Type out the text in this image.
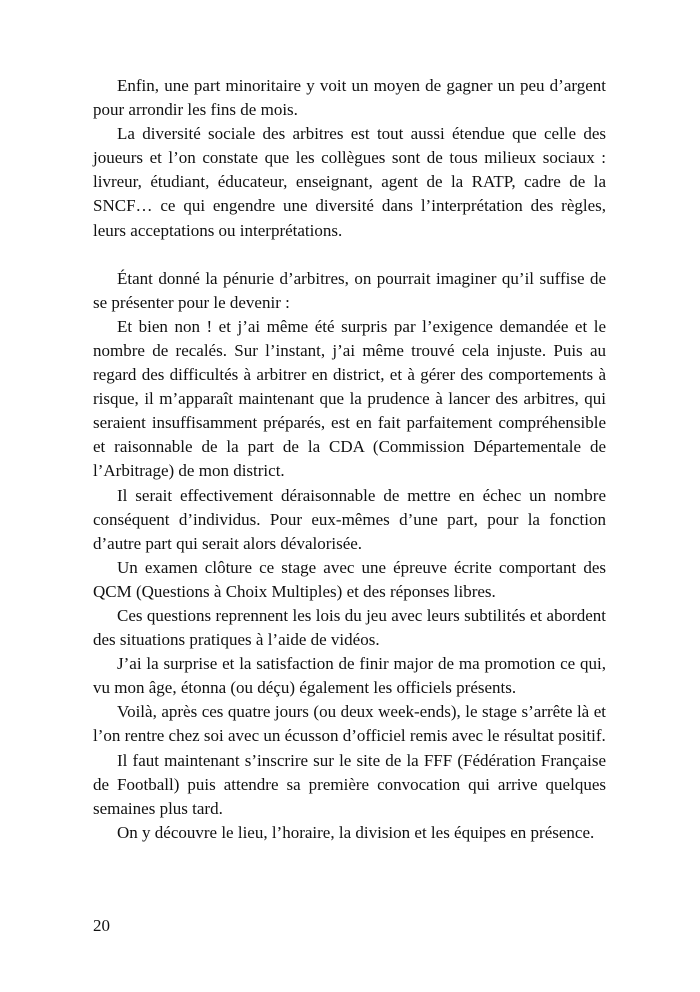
Enfin, une part minoritaire y voit un moyen de gagner un peu d’argent pour arrondir les fins de mois.

La diversité sociale des arbitres est tout aussi étendue que celle des joueurs et l’on constate que les collègues sont de tous milieux sociaux : livreur, étudiant, éducateur, enseignant, agent de la RATP, cadre de la SNCF… ce qui engendre une diversité dans l’interprétation des règles, leurs acceptations ou interprétations.

Étant donné la pénurie d’arbitres, on pourrait imaginer qu’il suffise de se présenter pour le devenir :

Et bien non ! et j’ai même été surpris par l’exigence demandée et le nombre de recalés. Sur l’instant, j’ai même trouvé cela injuste. Puis au regard des difficultés à arbitrer en district, et à gérer des comportements à risque, il m’apparaît maintenant que la prudence à lancer des arbitres, qui seraient insuffisamment préparés, est en fait parfaitement compréhensible et raisonnable de la part de la CDA (Commission Départementale de l’Arbitrage) de mon district.

Il serait effectivement déraisonnable de mettre en échec un nombre conséquent d’individus. Pour eux-mêmes d’une part, pour la fonction d’autre part qui serait alors dévalorisée.

Un examen clôture ce stage avec une épreuve écrite comportant des QCM (Questions à Choix Multiples) et des réponses libres.

Ces questions reprennent les lois du jeu avec leurs subtilités et abordent des situations pratiques à l’aide de vidéos.

J’ai la surprise et la satisfaction de finir major de ma promotion ce qui, vu mon âge, étonna (ou déçu) également les officiels présents.

Voilà, après ces quatre jours (ou deux week-ends), le stage s’arrête là et l’on rentre chez soi avec un écusson d’officiel remis avec le résultat positif.

Il faut maintenant s’inscrire sur le site de la FFF (Fédération Française de Football) puis attendre sa première convocation qui arrive quelques semaines plus tard.

On y découvre le lieu, l’horaire, la division et les équipes en présence.

20
